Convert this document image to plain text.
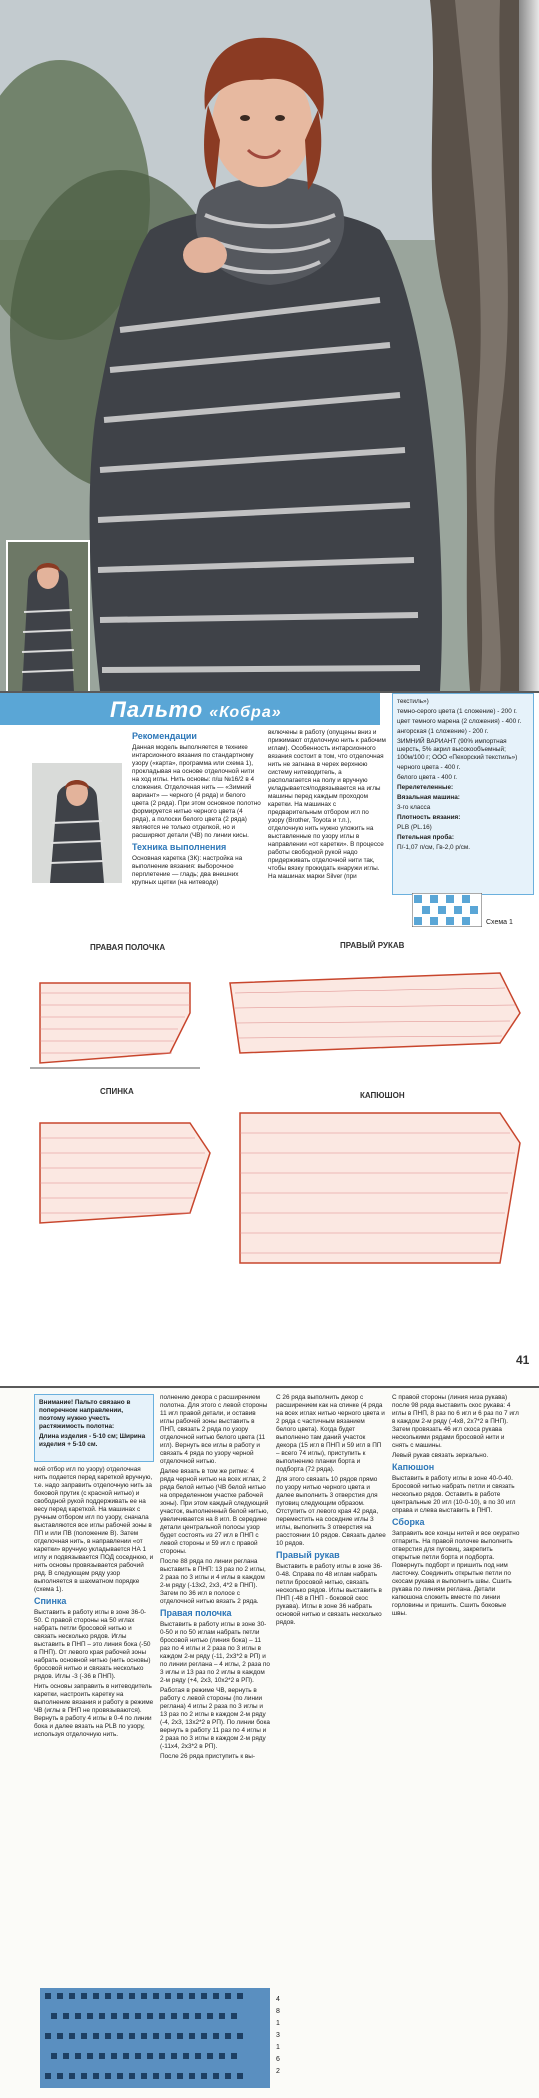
Пальто «Кобра»
Рекомендации

Данная модель выполняется в технике интарсионного вязания по стандартному узору («карта», программа или схема 1), прокладывая на основе отделочной нити на ход иглы. Нить основы: п/ш №16/2 в 4 сложения. Отделочная нить — «Зимний вариант» — черного (4 ряда) и белого цвета (2 ряда). При этом основное полотно формируется нитью черного цвета (4 ряда), а полоски белого цвета (2 ряда) являются не только отделкой, но и расширяют детали (ЧВ) по линии кисы.

Техника выполнения

Основная каретка (ЗК): настройка на выполнение вязания: выборочное перплетение — гладь; два внешних крупных щетки (на нитеводе)

включены в работу (опущены вниз и прижимают отделочную нить к рабочим иглам). Особенность интарсионного вязания состоит в том, что отделочная нить не загнана в черех верхнюю систему нитеводитель, а располагается на полу и вручную укладывается/подвязывается на иглы машины перед каждым проходом каретки. На машинах с предварительным отбором игл по узору (Brother, Toyota и т.п.), отделочную нить нужно уложить на выставленные по узору иглы в направлении «от каретки». В процессе работы свободной рукой надо придерживать отделочной нити так, чтобы вязку прокидать кнаружи иглы. На машинах марки Silver (при

текстиль»)

темно-серого цвета (1 сложение) - 200 г.

цвет темного марена (2 сложения) - 400 г.

ангорская (1 сложение) - 200 г.

ЗИМНИЙ ВАРИАНТ (90% импортная шерсть, 5% акрил высокообъемный; 100м/100 г; ООО «Пехорский текстиль»)

черного цвета - 400 г.

белого цвета - 400 г.

Перелетеленные:

Вязальная машина:

3-го класса

Плотность вязания:

PLB (PL.16)

Петельная проба:

П/-1,07 п/см, Гв-2,0 р/см.

Схема 1
ПРАВАЯ ПОЛОЧКА	ПРАВЫЙ РУКАВ
СПИНКА	КАПЮШОН
41

Внимание! Пальто связано в поперечном направлении, поэтому нужно учесть растяжимость полотна:

Длина изделия - 5-10 см; Ширина изделия + 5-10 см.

мой отбор игл по узору) отделочная нить подается перед кареткой вручную, т.е. надо заправить отделочную нить за боковой прутик (с красной нитью) и свободной рукой поддерживать ее на весу перед кареткой. На машинах с ручным отбором игл по узору, сначала выставляются все иглы рабочей зоны в ПП и или ПВ (положение В). Затем отделочная нить, в направлении «от каретки» вручную укладывается НА 1 иглу и подвязывается ПОД соседнюю, и нить основы провязывается рабочий ряд. В следующем ряду узор выполняется в шахматном порядке (схема 1).

Спинка

Выставить в работу иглы в зоне 36-0-50. С правой стороны на 50 иглах набрать петли бросовой нитью и связать несколько рядов. Иглы выставить в ПНП – это линия бока (-50 в ПНП). От левого края рабочей зоны набрать основной нитью (нить основы) бросовой нитью и связать несколько рядов. Иглы -3 (-36 в ПНП).

Нить основы заправить в нитеводитель каретки, настроить каретку на выполнение вязания и работу в режиме ЧВ (иглы в ПНП не провязываются). Вернуть в работу 4 иглы в 0-4 по линии бока и далее вязать на PLB по узору, используя отделочную нить.

полнению декора с расширением полотна. Для этого с левой стороны 11 игл правой детали, и оставив иглы рабочей зоны выставить в ПНП, связать 2 ряда по узору отделочной нитью белого цвета (11 игл). Вернуть все иглы в работу и связать 4 ряда по узору черной отделочной нитью.

Далее вязать в том же ритме: 4 ряда черной нитью на всех иглах, 2 ряда белой нитью (ЧВ белой нитью на определенном участке рабочей зоны). При этом каждый следующий участок, выполненный белой нитью, увеличивается на 8 игл. В середине детали центральной полосы узор будет состоять из 27 игл в ПНП с левой стороны и 59 игл с правой стороны.

После 88 ряда по линии реглана выставить в ПНП: 13 раз по 2 иглы, 2 раза по 3 иглы и 4 иглы в каждом 2-м ряду (-13x2, 2x3, 4*2 в ПНП). Затем по 36 игл в полосе с отделочной нитью вязать 2 ряда.

Правая полочка

Выставить в работу иглы в зоне 30-0-50 и по 50 иглам набрать петли бросовой нитью (линия бока) – 11 раз по 4 иглы и 2 раза по 3 иглы в каждом 2-м ряду (-11, 2x3*2 в РП) и по линии реглана – 4 иглы, 2 раза по 3 иглы и 13 раз по 2 иглы в каждом 2-м ряду (+4, 2x3, 10x2*2 в РП).

Работая в режиме ЧВ, вернуть в работу с левой стороны (по линии реглана) 4 иглы 2 раза по 3 иглы и 13 раз по 2 иглы в каждом 2-м ряду (-4, 2x3, 13x2*2 в РП). По линии бока вернуть в работу 11 раз по 4 иглы и 2 раза по 3 иглы в каждом 2-м ряду (-11x4, 2x3*2 в РП).

После 26 ряда приступить к вы-

С 26 ряда выполнить декор с расширением как на спинке (4 ряда на всех иглах нитью черного цвета и 2 ряда с частичным вязанием белого цвета). Когда будет выполнено там даний участок декора (15 игл в ПНП и 59 игл в ПП – всего 74 иглы), приступить к выполнению планки борта и подборта (72 ряда).

Для этого связать 10 рядов прямо по узору нитью черного цвета и далее выполнить 3 отверстия для пуговиц следующим образом. Отступить от левого края 42 ряда, переместить на соседние иглы 3 иглы, выполнить 3 отверстия на расстоянии 10 рядов. Связать далее 10 рядов.

Правый рукав

Выставить в работу иглы в зоне 36-0-48. Справа по 48 иглам набрать петли бросовой нитью, связать несколько рядов. Иглы выставить в ПНП (-48 в ПНП - боковой скос рукава). Иглы в зоне 36 набрать основой нитью и связать несколько рядов.

С правой стороны (линия низа рукава) после 98 ряда выставить скос рукава: 4 иглы в ПНП, 8 раз по 6 игл и 6 раз по 7 игл в каждом 2-м ряду (-4x8, 2x7*2 в ПНП). Затем провязать 46 игл скоса рукава несколькими рядами бросовой нити и снять с машины.

Левый рукав связать зеркально.

Капюшон

Выставить в работу иглы в зоне 40-0-40. Бросовой нитью набрать петли и связать несколько рядов. Оставить в работе центральные 20 игл (10-0-10), в по 30 игл справа и слева выставить в ПНП.

Сборка

Заправить все концы нитей и все окуратно отпарить. На правой полочке выполнить отверстия для пуговиц, закрепить открытые петли борта и подборта. Повернуть подборт и пришить под ним ласточку. Соединить открытые петли по скосам рукава и выполнить швы. Сшить рукава по линиям реглана. Детали капюшона сложить вместе по линии горловины и пришить. Сшить боковые швы.

4
8
1
3
1
6
2
